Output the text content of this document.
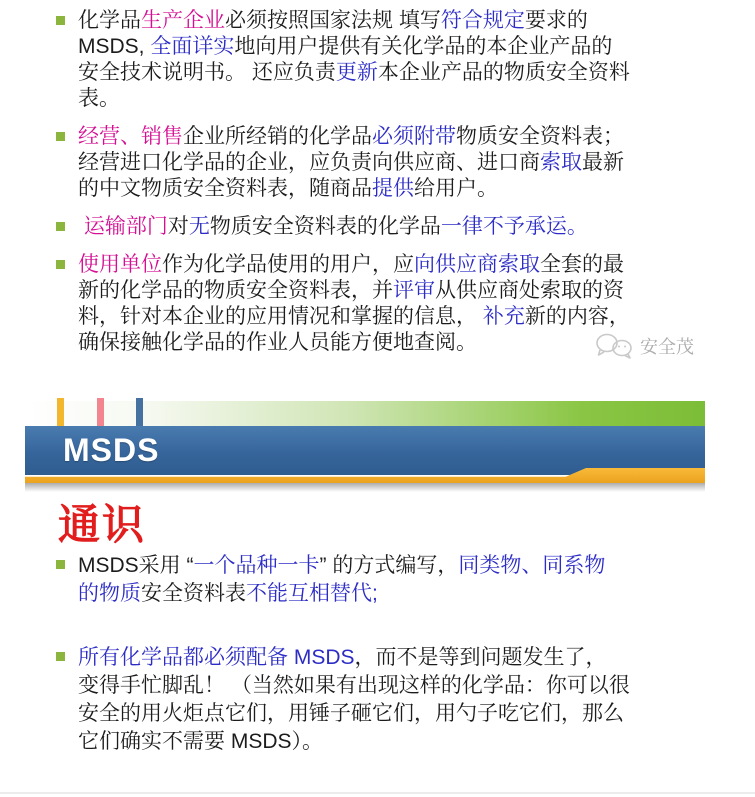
化学品生产企业必须按照国家法规 填写符合规定要求的
MSDS, 全面详实地向用户提供有关化学品的本企业产品的
安全技术说明书。 还应负责更新本企业产品的物质安全资料
表。
经营、销售企业所经销的化学品必须附带物质安全资料表；
经营进口化学品的企业，应负责向供应商、进口商索取最新
的中文物质安全资料表，随商品提供给用户。
运输部门对无物质安全资料表的化学品一律不予承运。
使用单位作为化学品使用的用户，应向供应商索取全套的最
新的化学品的物质安全资料表，并评审从供应商处索取的资
料，针对本企业的应用情况和掌握的信息， 补充新的内容，
确保接触化学品的作业人员能方便地查阅。	安全茂
MSDS
通识
MSDS采用 “一个品种一卡” 的方式编写，同类物、同系物
的物质安全资料表不能互相替代;
所有化学品都必须配备 MSDS，而不是等到问题发生了，
变得手忙脚乱！ （当然如果有出现这样的化学品：你可以很
安全的用火炬点它们，用锤子砸它们，用勺子吃它们，那么
它们确实不需要 MSDS）。
